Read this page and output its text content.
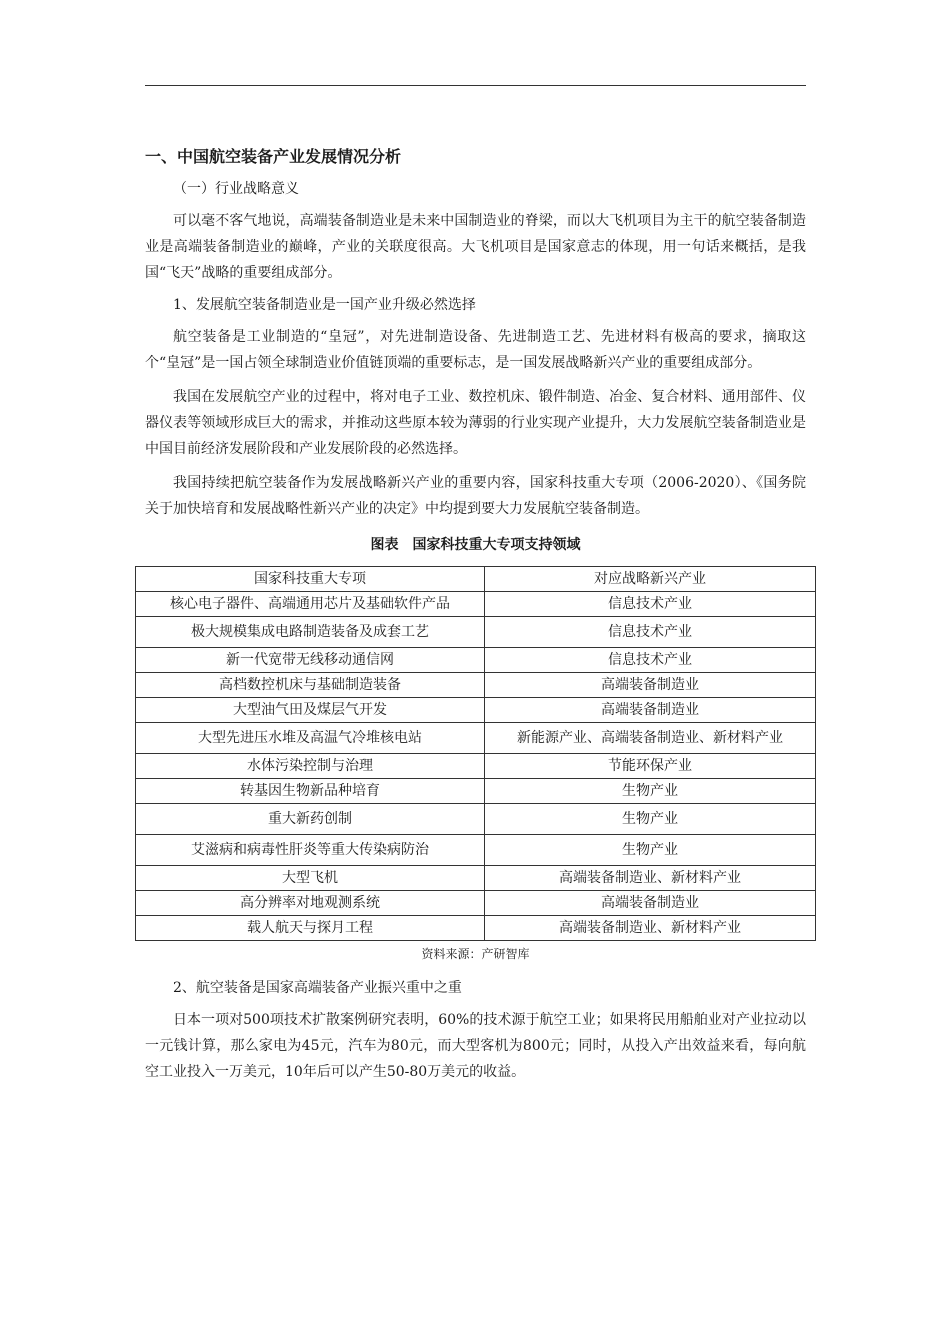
一、中国航空装备产业发展情况分析
（一）行业战略意义

可以毫不客气地说，高端装备制造业是未来中国制造业的脊梁，而以大飞机项目为主干的航空装备制造业是高端装备制造业的巅峰，产业的关联度很高。大飞机项目是国家意志的体现，用一句话来概括，是我国“飞天”战略的重要组成部分。

1、发展航空装备制造业是一国产业升级必然选择

航空装备是工业制造的“皇冠”，对先进制造设备、先进制造工艺、先进材料有极高的要求，摘取这个“皇冠”是一国占领全球制造业价值链顶端的重要标志，是一国发展战略新兴产业的重要组成部分。

我国在发展航空产业的过程中，将对电子工业、数控机床、锻件制造、冶金、复合材料、通用部件、仪器仪表等领域形成巨大的需求，并推动这些原本较为薄弱的行业实现产业提升，大力发展航空装备制造业是中国目前经济发展阶段和产业发展阶段的必然选择。

我国持续把航空装备作为发展战略新兴产业的重要内容，国家科技重大专项（2006-2020）、《国务院关于加快培育和发展战略性新兴产业的决定》中均提到要大力发展航空装备制造。

图表　国家科技重大专项支持领域
国家科技重大专项	对应战略新兴产业
核心电子器件、高端通用芯片及基础软件产品	信息技术产业
极大规模集成电路制造装备及成套工艺	信息技术产业
新一代宽带无线移动通信网	信息技术产业
高档数控机床与基础制造装备	高端装备制造业
大型油气田及煤层气开发	高端装备制造业
大型先进压水堆及高温气冷堆核电站	新能源产业、高端装备制造业、新材料产业
水体污染控制与治理	节能环保产业
转基因生物新品种培育	生物产业
重大新药创制	生物产业
艾滋病和病毒性肝炎等重大传染病防治	生物产业
大型飞机	高端装备制造业、新材料产业
高分辨率对地观测系统	高端装备制造业
载人航天与探月工程	高端装备制造业、新材料产业
资料来源：产研智库
2、航空装备是国家高端装备产业振兴重中之重

日本一项对500项技术扩散案例研究表明，60%的技术源于航空工业；如果将民用船舶业对产业拉动以一元钱计算，那么家电为45元，汽车为80元，而大型客机为800元；同时，从投入产出效益来看，每向航空工业投入一万美元，10年后可以产生50-80万美元的收益。
